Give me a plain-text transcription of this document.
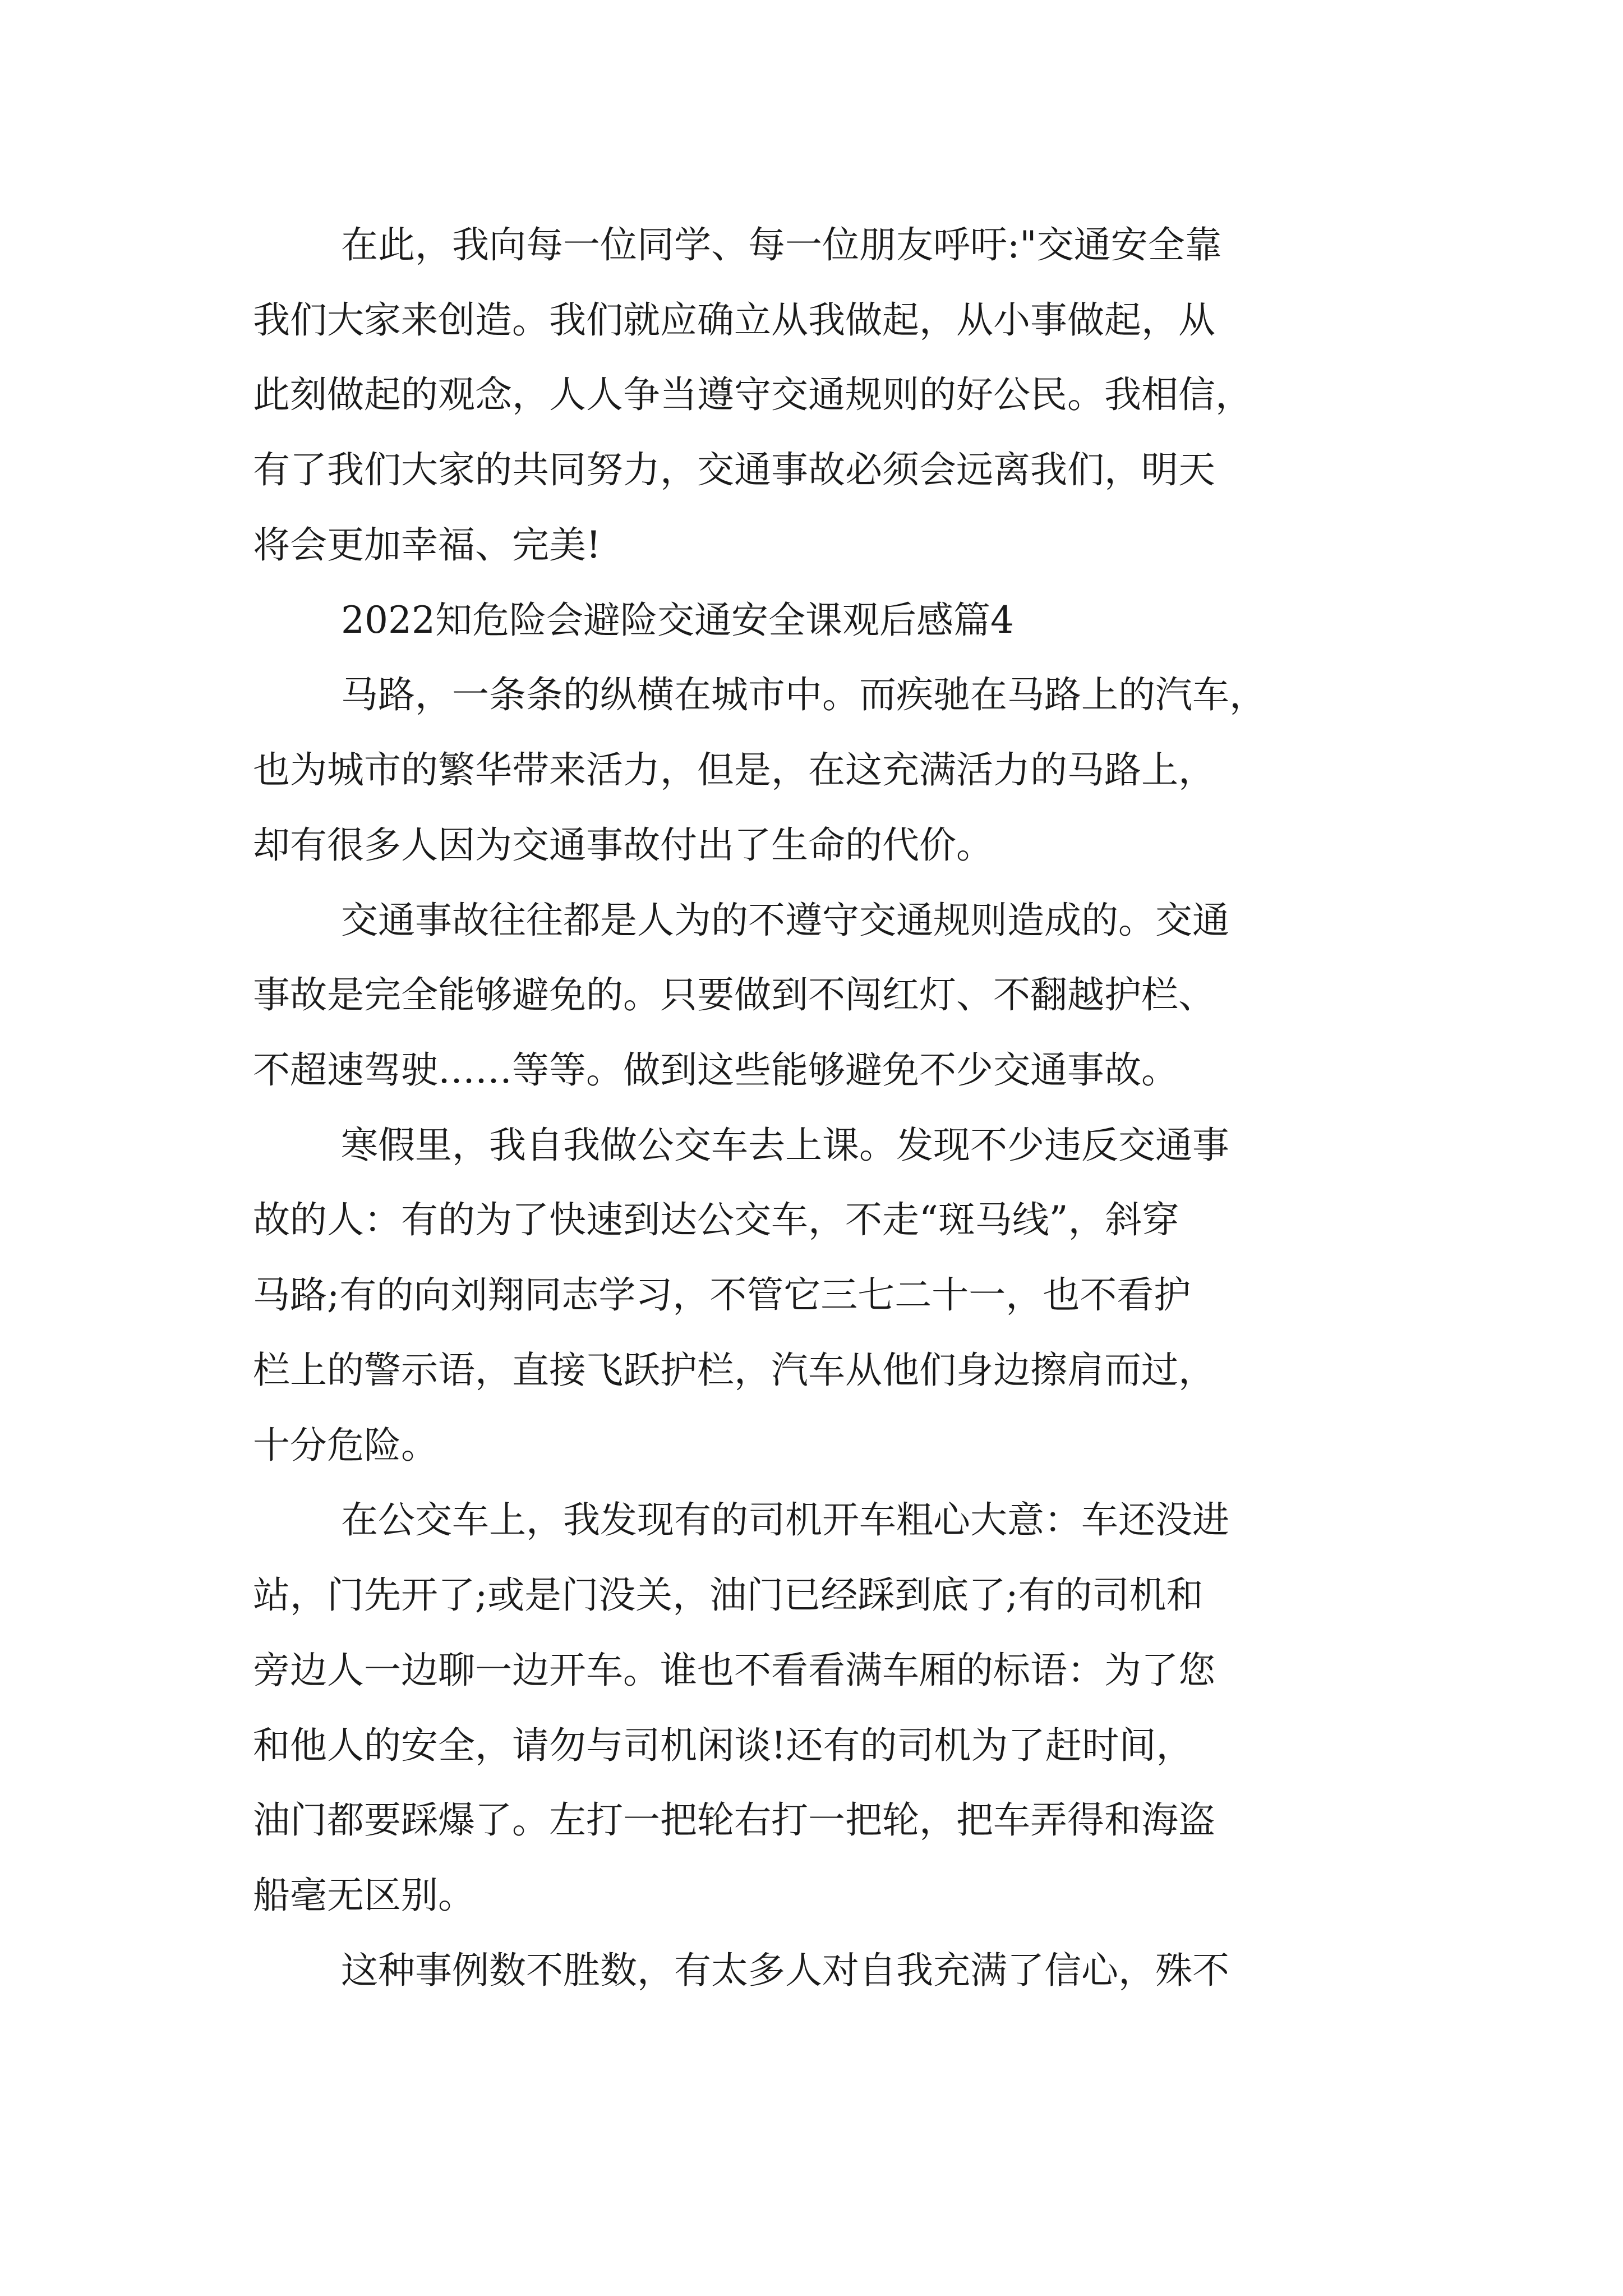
在此，我向每一位同学、每一位朋友呼吁:"交通安全靠
我们大家来创造。我们就应确立从我做起，从小事做起，从
此刻做起的观念，人人争当遵守交通规则的好公民。我相信，
有了我们大家的共同努力，交通事故必须会远离我们，明天
将会更加幸福、完美!
2022知危险会避险交通安全课观后感篇4
马路，一条条的纵横在城市中。而疾驰在马路上的汽车，
也为城市的繁华带来活力，但是，在这充满活力的马路上，
却有很多人因为交通事故付出了生命的代价。
交通事故往往都是人为的不遵守交通规则造成的。交通
事故是完全能够避免的。只要做到不闯红灯、不翻越护栏、
不超速驾驶……等等。做到这些能够避免不少交通事故。
寒假里，我自我做公交车去上课。发现不少违反交通事
故的人：有的为了快速到达公交车，不走“斑马线”，斜穿
马路;有的向刘翔同志学习，不管它三七二十一，也不看护
栏上的警示语，直接飞跃护栏，汽车从他们身边擦肩而过，
十分危险。
在公交车上，我发现有的司机开车粗心大意：车还没进
站，门先开了;或是门没关，油门已经踩到底了;有的司机和
旁边人一边聊一边开车。谁也不看看满车厢的标语：为了您
和他人的安全，请勿与司机闲谈!还有的司机为了赶时间，
油门都要踩爆了。左打一把轮右打一把轮，把车弄得和海盗
船毫无区别。
这种事例数不胜数，有太多人对自我充满了信心，殊不
